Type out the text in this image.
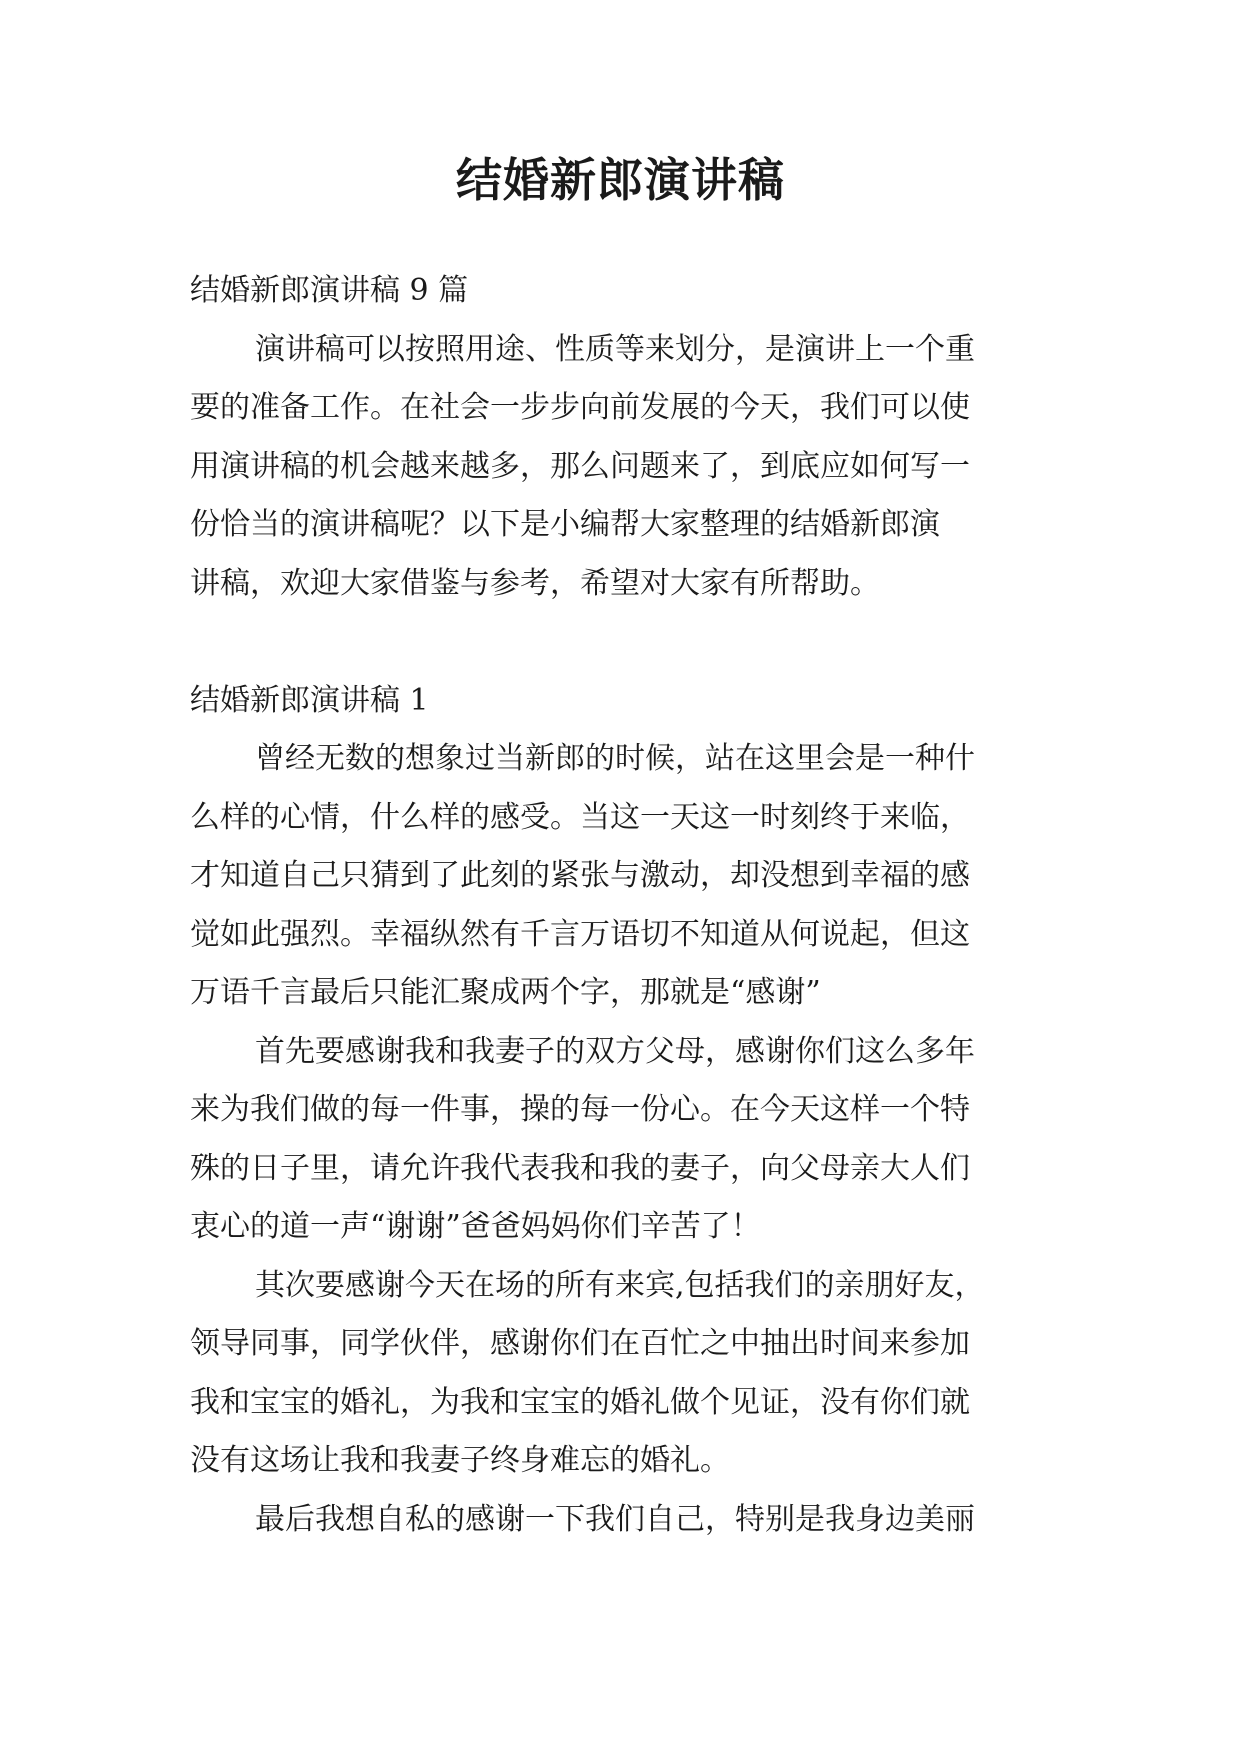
结婚新郎演讲稿
结婚新郎演讲稿 9 篇
演讲稿可以按照用途、性质等来划分，是演讲上一个重
要的准备工作。在社会一步步向前发展的今天，我们可以使
用演讲稿的机会越来越多，那么问题来了，到底应如何写一
份恰当的演讲稿呢？以下是小编帮大家整理的结婚新郎演
讲稿，欢迎大家借鉴与参考，希望对大家有所帮助。
结婚新郎演讲稿 1
曾经无数的想象过当新郎的时候，站在这里会是一种什
么样的心情，什么样的感受。当这一天这一时刻终于来临，
才知道自己只猜到了此刻的紧张与激动，却没想到幸福的感
觉如此强烈。幸福纵然有千言万语切不知道从何说起，但这
万语千言最后只能汇聚成两个字，那就是“感谢”
首先要感谢我和我妻子的双方父母，感谢你们这么多年
来为我们做的每一件事，操的每一份心。在今天这样一个特
殊的日子里，请允许我代表我和我的妻子，向父母亲大人们
衷心的道一声“谢谢”爸爸妈妈你们辛苦了！
其次要感谢今天在场的所有来宾,包括我们的亲朋好友，
领导同事，同学伙伴，感谢你们在百忙之中抽出时间来参加
我和宝宝的婚礼，为我和宝宝的婚礼做个见证，没有你们就
没有这场让我和我妻子终身难忘的婚礼。
最后我想自私的感谢一下我们自己，特别是我身边美丽
